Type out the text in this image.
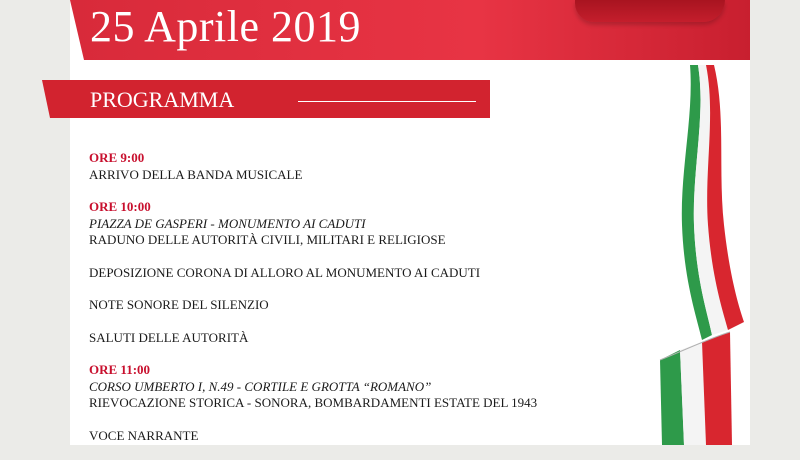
25 Aprile 2019
PROGRAMMA
ORE 9:00
ARRIVO DELLA BANDA MUSICALE
ORE 10:00
PIAZZA DE GASPERI - MONUMENTO AI CADUTI
RADUNO DELLE AUTORITÀ CIVILI, MILITARI E RELIGIOSE
DEPOSIZIONE CORONA DI ALLORO AL MONUMENTO AI CADUTI
NOTE SONORE DEL SILENZIO
SALUTI DELLE AUTORITÀ
ORE 11:00
CORSO UMBERTO I, N.49 - CORTILE E GROTTA “ROMANO”
RIEVOCAZIONE STORICA - SONORA, BOMBARDAMENTI ESTATE DEL 1943
VOCE NARRANTE
